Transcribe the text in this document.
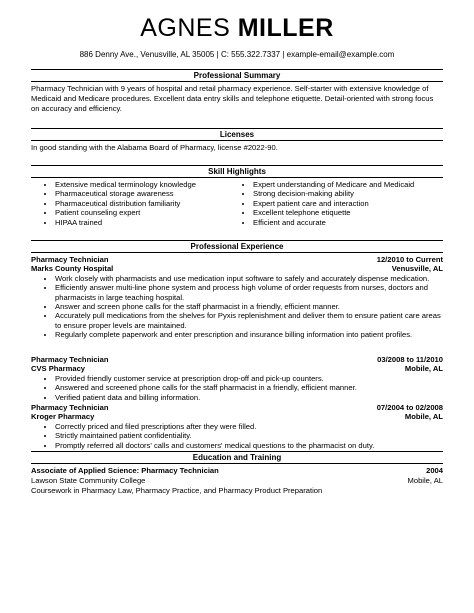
AGNES MILLER
886 Denny Ave., Venusville, AL 35005 | C: 555.322.7337 | example-email@example.com
Professional Summary
Pharmacy Technician with 9 years of hospital and retail pharmacy experience. Self-starter with extensive knowledge of Medicaid and Medicare procedures. Excellent data entry skills and telephone etiquette. Detail-oriented with strong focus on accuracy and efficiency.
Licenses
In good standing with the Alabama Board of Pharmacy, license #2022-90.
Skill Highlights
• Extensive medical terminology knowledge
• Pharmaceutical storage awareness
• Pharmaceutical distribution familiarity
• Patient counseling expert
• HIPAA trained
• Expert understanding of Medicare and Medicaid
• Strong decision-making ability
• Expert patient care and interaction
• Excellent telephone etiquette
• Efficient and accurate
Professional Experience
Pharmacy Technician	12/2010 to Current
Marks County Hospital	Venusville, AL
• Work closely with pharmacists and use medication input software to safely and accurately dispense medication.
• Efficiently answer multi-line phone system and process high volume of order requests from nurses, doctors and pharmacists in large teaching hospital.
• Answer and screen phone calls for the staff pharmacist in a friendly, efficient manner.
• Accurately pull medications from the shelves for Pyxis replenishment and deliver them to ensure patient care areas to ensure proper levels are maintained.
• Regularly complete paperwork and enter prescription and insurance billing information into patient profiles.
Pharmacy Technician	03/2008 to 11/2010
CVS Pharmacy	Mobile, AL
• Provided friendly customer service at prescription drop-off and pick-up counters.
• Answered and screened phone calls for the staff pharmacist in a friendly, efficient manner.
• Verified patient data and billing information.
Pharmacy Technician	07/2004 to 02/2008
Kroger Pharmacy	Mobile, AL
• Correctly priced and filed prescriptions after they were filled.
• Strictly maintained patient confidentiality.
• Promptly referred all doctors' calls and customers' medical questions to the pharmacist on duty.
Education and Training
Associate of Applied Science: Pharmacy Technician	2004
Lawson State Community College	Mobile, AL
Coursework in Pharmacy Law, Pharmacy Practice, and Pharmacy Product Preparation
